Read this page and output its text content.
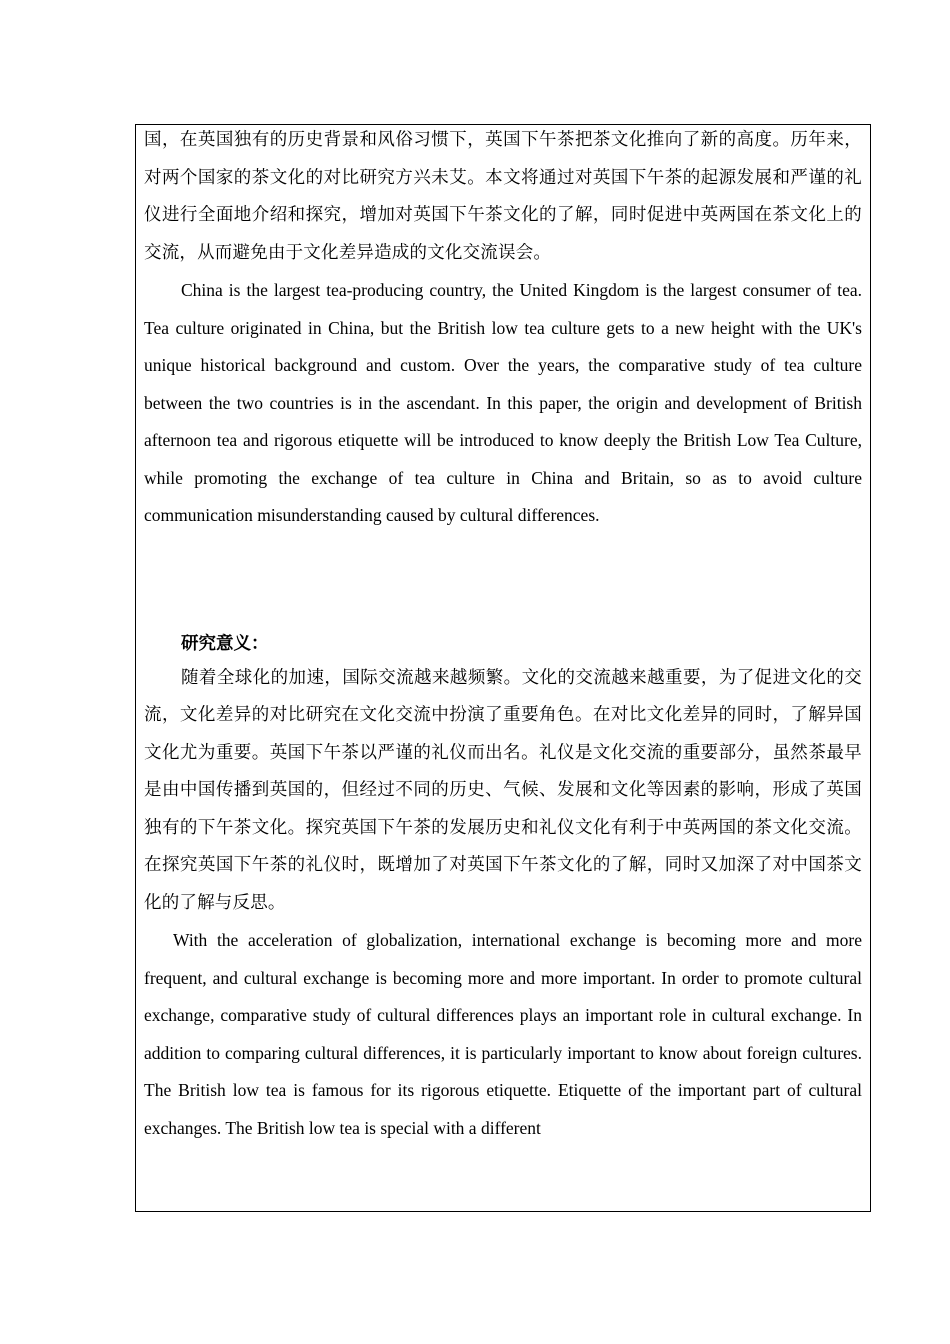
国，在英国独有的历史背景和风俗习惯下，英国下午茶把茶文化推向了新的高度。历年来，对两个国家的茶文化的对比研究方兴未艾。本文将通过对英国下午茶的起源发展和严谨的礼仪进行全面地介绍和探究，增加对英国下午茶文化的了解，同时促进中英两国在茶文化上的交流，从而避免由于文化差异造成的文化交流误会。

China is the largest tea-producing country, the United Kingdom is the largest consumer of tea. Tea culture originated in China, but the British low tea culture gets to a new height with the UK's unique historical background and custom. Over the years, the comparative study of tea culture between the two countries is in the ascendant. In this paper, the origin and development of British afternoon tea and rigorous etiquette will be introduced to know deeply the British Low Tea Culture, while promoting the exchange of tea culture in China and Britain, so as to avoid culture communication misunderstanding caused by cultural differences.

研究意义：

随着全球化的加速，国际交流越来越频繁。文化的交流越来越重要，为了促进文化的交流，文化差异的对比研究在文化交流中扮演了重要角色。在对比文化差异的同时，了解异国文化尤为重要。英国下午茶以严谨的礼仪而出名。礼仪是文化交流的重要部分，虽然茶最早是由中国传播到英国的，但经过不同的历史、气候、发展和文化等因素的影响，形成了英国独有的下午茶文化。探究英国下午茶的发展历史和礼仪文化有利于中英两国的茶文化交流。在探究英国下午茶的礼仪时，既增加了对英国下午茶文化的了解，同时又加深了对中国茶文化的了解与反思。

With the acceleration of globalization, international exchange is becoming more and more frequent, and cultural exchange is becoming more and more important. In order to promote cultural exchange, comparative study of cultural differences plays an important role in cultural exchange. In addition to comparing cultural differences, it is particularly important to know about foreign cultures. The British low tea is famous for its rigorous etiquette. Etiquette of the important part of cultural exchanges. The British low tea is special with a different
